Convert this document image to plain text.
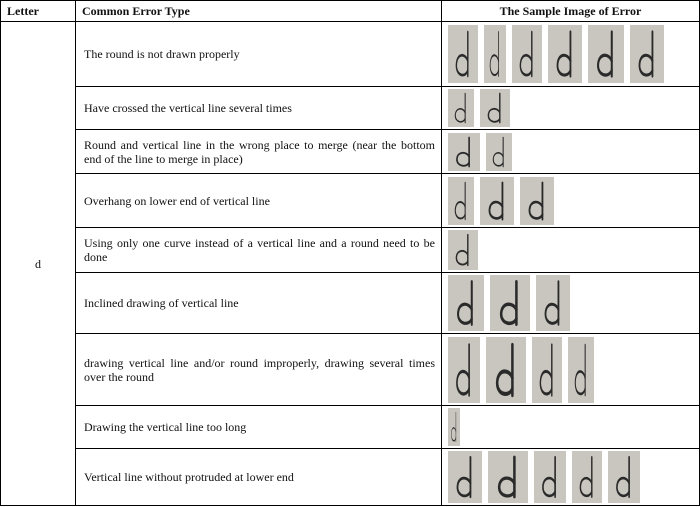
Letter	Common Error Type	The Sample Image of Error
d	The round is not drawn properly	

	Have crossed the vertical line several times	

	Round and vertical line in the wrong place to merge (near the bottom end of the line to merge in place)	

	Overhang on lower end of vertical line	

	Using only one curve instead of a vertical line and a round need to be done	

	Inclined drawing of vertical line	

	drawing vertical line and/or round improperly, drawing several times over the round	

	Drawing the vertical line too long	

	Vertical line without protruded at lower end	
